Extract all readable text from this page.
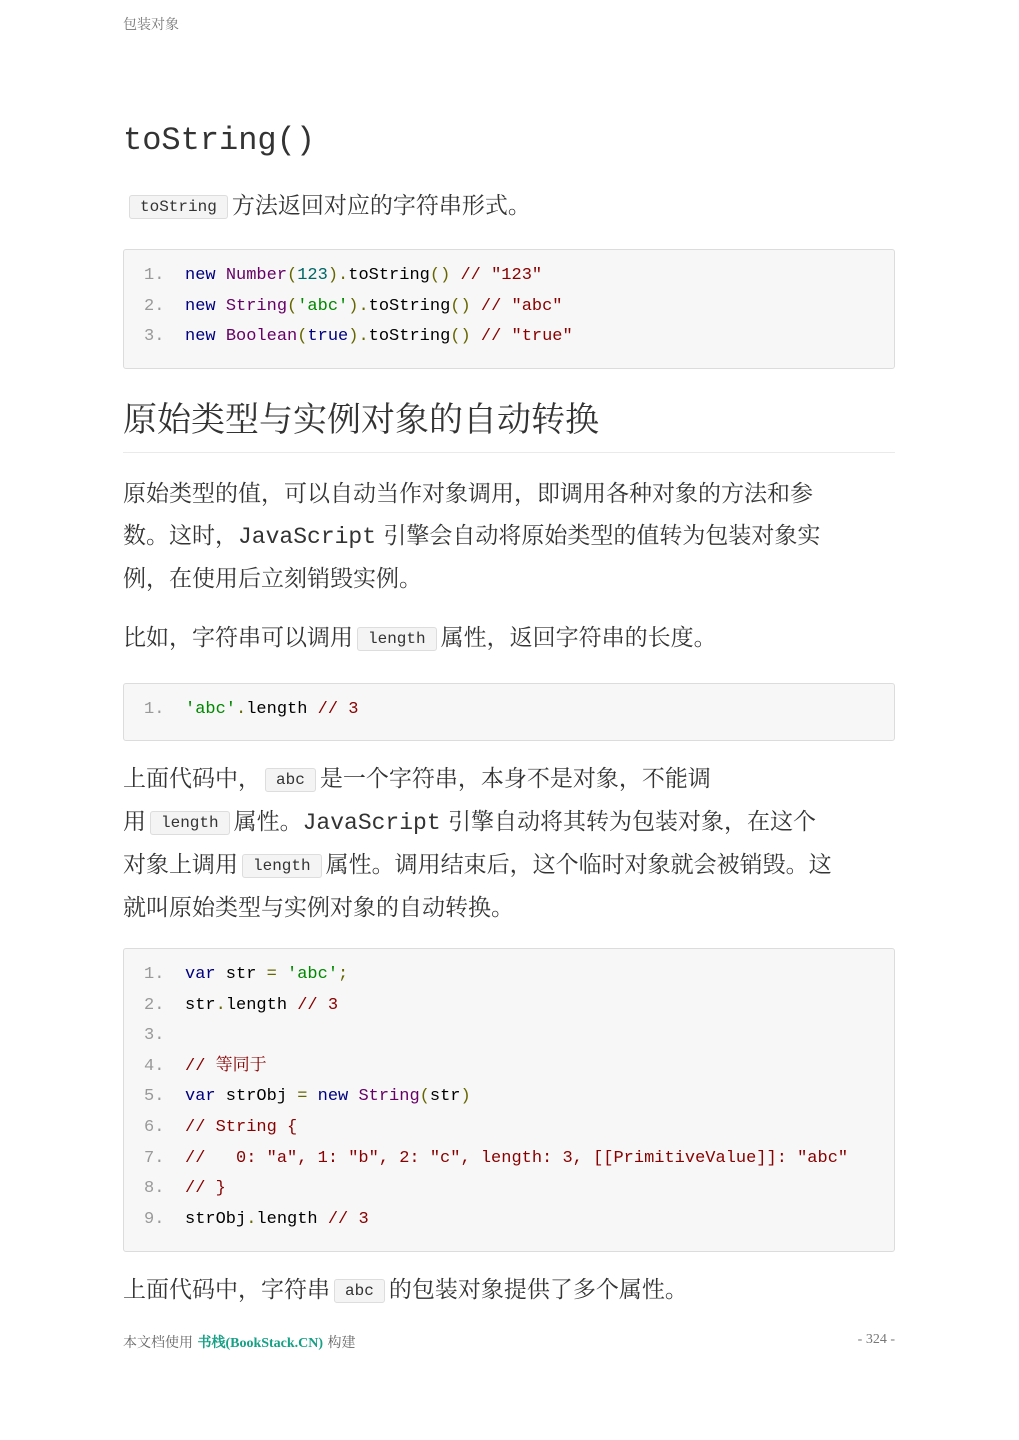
包装对象
toString()

toString 方法返回对应的字符串形式。

1.	new Number(123).toString() // "123"
2.	new String('abc').toString() // "abc"
3.	new Boolean(true).toString() // "true"
原始类型与实例对象的自动转换

原始类型的值，可以自动当作对象调用，即调用各种对象的方法和参
数。这时，JavaScript 引擎会自动将原始类型的值转为包装对象实
例，在使用后立刻销毁实例。

比如，字符串可以调用 length 属性，返回字符串的长度。

1.	'abc'.length // 3

上面代码中， abc 是一个字符串，本身不是对象，不能调
用 length 属性。JavaScript 引擎自动将其转为包装对象，在这个
对象上调用 length 属性。调用结束后，这个临时对象就会被销毁。这
就叫原始类型与实例对象的自动转换。

1.	var str = 'abc';
2.	str.length // 3
3.
4.	// 等同于
5.	var strObj = new String(str)
6.	// String {
7.	//   0: "a", 1: "b", 2: "c", length: 3, [[PrimitiveValue]]: "abc"
8.	// }
9.	strObj.length // 3

上面代码中，字符串 abc 的包装对象提供了多个属性。

本文档使用 书栈(BookStack.CN) 构建	- 324 -
